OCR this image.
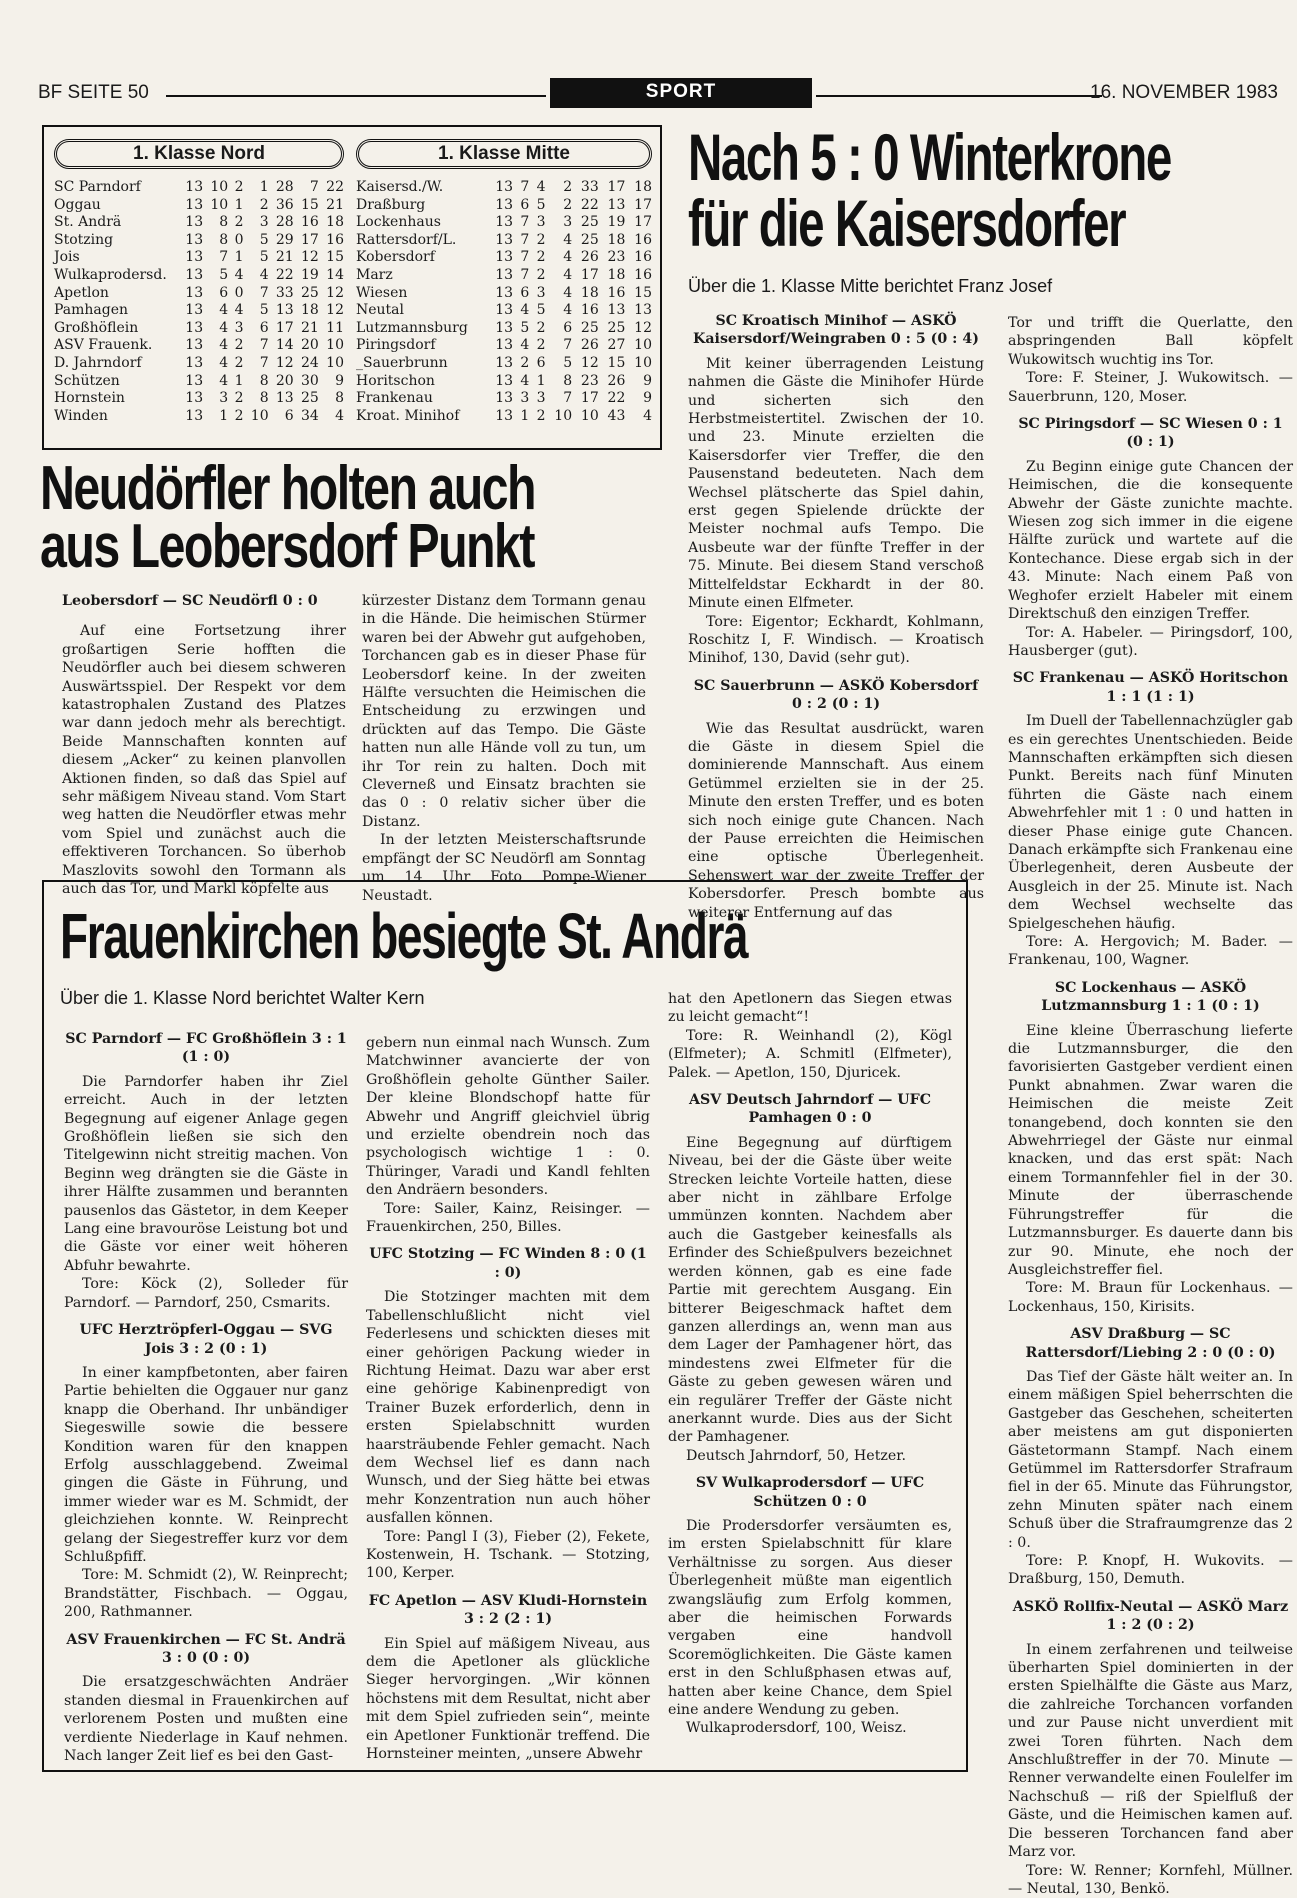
BF SEITE 50	SPORT	16. NOVEMBER 1983
1. Klasse Nord
SC Parndorf	13	10	2	1	28	7	22
Oggau	13	10	1	2	36	15	21
St. Andrä	13	8	2	3	28	16	18
Stotzing	13	8	0	5	29	17	16
Jois	13	7	1	5	21	12	15
Wulkaprodersd.	13	5	4	4	22	19	14
Apetlon	13	6	0	7	33	25	12
Pamhagen	13	4	4	5	13	18	12
Großhöflein	13	4	3	6	17	21	11
ASV Frauenk.	13	4	2	7	14	20	10
D. Jahrndorf	13	4	2	7	12	24	10
Schützen	13	4	1	8	20	30	9
Hornstein	13	3	2	8	13	25	8
Winden	13	1	2	10	6	34	4
1. Klasse Mitte
Kaisersd./W.	13	7	4	2	33	17	18
Draßburg	13	6	5	2	22	13	17
Lockenhaus	13	7	3	3	25	19	17
Rattersdorf/L.	13	7	2	4	25	18	16
Kobersdorf	13	7	2	4	26	23	16
Marz	13	7	2	4	17	18	16
Wiesen	13	6	3	4	18	16	15
Neutal	13	4	5	4	16	13	13
Lutzmannsburg	13	5	2	6	25	25	12
Piringsdorf	13	4	2	7	26	27	10
_Sauerbrunn	13	2	6	5	12	15	10
Horitschon	13	4	1	8	23	26	9
Frankenau	13	3	3	7	17	22	9
Kroat. Minihof	13	1	2	10	10	43	4
Neudörfler holten auch
aus Leobersdorf Punkt

Leobersdorf — SC Neudörfl 0 : 0

Auf eine Fortsetzung ihrer großartigen Serie hofften die Neudörfler auch bei diesem schweren Auswärtsspiel. Der Respekt vor dem katastrophalen Zustand des Platzes war dann jedoch mehr als berechtigt. Beide Mannschaften konnten auf diesem „Acker“ zu keinen planvollen Aktionen finden, so daß das Spiel auf sehr mäßigem Niveau stand. Vom Start weg hatten die Neudörfler etwas mehr vom Spiel und zunächst auch die effektiveren Torchancen. So überhob Maszlovits sowohl den Tormann als auch das Tor, und Markl köpfelte aus

kürzester Distanz dem Tormann genau in die Hände. Die heimischen Stürmer waren bei der Abwehr gut aufgehoben, Torchancen gab es in dieser Phase für Leobersdorf keine. In der zweiten Hälfte versuchten die Heimischen die Entscheidung zu erzwingen und drückten auf das Tempo. Die Gäste hatten nun alle Hände voll zu tun, um ihr Tor rein zu halten. Doch mit Cleverneß und Einsatz brachten sie das 0 : 0 relativ sicher über die Distanz.

In der letzten Meisterschaftsrunde empfängt der SC Neudörfl am Sonntag um 14 Uhr Foto Pompe-Wiener Neustadt.

Nach 5 : 0 Winterkrone
für die Kaisersdorfer
Über die 1. Klasse Mitte berichtet Franz Josef

SC Kroatisch Minihof — ASKÖ Kaisersdorf/Weingraben 0 : 5 (0 : 4)

Mit keiner überragenden Leistung nahmen die Gäste die Minihofer Hürde und sicherten sich den Herbstmeistertitel. Zwischen der 10. und 23. Minute erzielten die Kaisersdorfer vier Treffer, die den Pausenstand bedeuteten. Nach dem Wechsel plätscherte das Spiel dahin, erst gegen Spielende drückte der Meister nochmal aufs Tempo. Die Ausbeute war der fünfte Treffer in der 75. Minute. Bei diesem Stand verschoß Mittelfeldstar Eckhardt in der 80. Minute einen Elfmeter.

Tore: Eigentor; Eckhardt, Kohlmann, Roschitz I, F. Windisch. — Kroatisch Minihof, 130, David (sehr gut).

SC Sauerbrunn — ASKÖ Kobersdorf 0 : 2 (0 : 1)

Wie das Resultat ausdrückt, waren die Gäste in diesem Spiel die dominierende Mannschaft. Aus einem Getümmel erzielten sie in der 25. Minute den ersten Treffer, und es boten sich noch einige gute Chancen. Nach der Pause erreichten die Heimischen eine optische Überlegenheit. Sehenswert war der zweite Treffer der Kobersdorfer. Presch bombte aus weiterer Entfernung auf das

Tor und trifft die Querlatte, den abspringenden Ball köpfelt Wukowitsch wuchtig ins Tor.

Tore: F. Steiner, J. Wukowitsch. — Sauerbrunn, 120, Moser.

SC Piringsdorf — SC Wiesen 0 : 1 (0 : 1)

Zu Beginn einige gute Chancen der Heimischen, die die konsequente Abwehr der Gäste zunichte machte. Wiesen zog sich immer in die eigene Hälfte zurück und wartete auf die Kontechance. Diese ergab sich in der 43. Minute: Nach einem Paß von Weghofer erzielt Habeler mit einem Direktschuß den einzigen Treffer.

Tor: A. Habeler. — Piringsdorf, 100, Hausberger (gut).

SC Frankenau — ASKÖ Horitschon 1 : 1 (1 : 1)

Im Duell der Tabellennachzügler gab es ein gerechtes Unentschieden. Beide Mannschaften erkämpften sich diesen Punkt. Bereits nach fünf Minuten führten die Gäste nach einem Abwehrfehler mit 1 : 0 und hatten in dieser Phase einige gute Chancen. Danach erkämpfte sich Frankenau eine Überlegenheit, deren Ausbeute der Ausgleich in der 25. Minute ist. Nach dem Wechsel wechselte das Spielgeschehen häufig.

Tore: A. Hergovich; M. Bader. — Frankenau, 100, Wagner.

SC Lockenhaus — ASKÖ Lutzmannsburg 1 : 1 (0 : 1)

Eine kleine Überraschung lieferte die Lutzmannsburger, die den favorisierten Gastgeber verdient einen Punkt abnahmen. Zwar waren die Heimischen die meiste Zeit tonangebend, doch konnten sie den Abwehrriegel der Gäste nur einmal knacken, und das erst spät: Nach einem Tormannfehler fiel in der 30. Minute der überraschende Führungstreffer für die Lutzmannsburger. Es dauerte dann bis zur 90. Minute, ehe noch der Ausgleichstreffer fiel.

Tore: M. Braun für Lockenhaus. — Lockenhaus, 150, Kirisits.

ASV Draßburg — SC Rattersdorf/Liebing 2 : 0 (0 : 0)

Das Tief der Gäste hält weiter an. In einem mäßigen Spiel beherrschten die Gastgeber das Geschehen, scheiterten aber meistens am gut disponierten Gästetormann Stampf. Nach einem Getümmel im Rattersdorfer Strafraum fiel in der 65. Minute das Führungstor, zehn Minuten später nach einem Schuß über die Strafraumgrenze das 2 : 0.

Tore: P. Knopf, H. Wukovits. — Draßburg, 150, Demuth.

ASKÖ Rollfix-Neutal — ASKÖ Marz 1 : 2 (0 : 2)

In einem zerfahrenen und teilweise überharten Spiel dominierten in der ersten Spielhälfte die Gäste aus Marz, die zahlreiche Torchancen vorfanden und zur Pause nicht unverdient mit zwei Toren führten. Nach dem Anschlußtreffer in der 70. Minute — Renner verwandelte einen Foulelfer im Nachschuß — riß der Spielfluß der Gäste, und die Heimischen kamen auf. Die besseren Torchancen fand aber Marz vor.

Tore: W. Renner; Kornfehl, Müllner. — Neutal, 130, Benkö.

Frauenkirchen besiegte St. Andrä
Über die 1. Klasse Nord berichtet Walter Kern

SC Parndorf — FC Großhöflein 3 : 1 (1 : 0)

Die Parndorfer haben ihr Ziel erreicht. Auch in der letzten Begegnung auf eigener Anlage gegen Großhöflein ließen sie sich den Titelgewinn nicht streitig machen. Von Beginn weg drängten sie die Gäste in ihrer Hälfte zusammen und berannten pausenlos das Gästetor, in dem Keeper Lang eine bravouröse Leistung bot und die Gäste vor einer weit höheren Abfuhr bewahrte.

Tore: Köck (2), Solleder für Parndorf. — Parndorf, 250, Csmarits.

UFC Herztröpferl-Oggau — SVG Jois 3 : 2 (0 : 1)

In einer kampfbetonten, aber fairen Partie behielten die Oggauer nur ganz knapp die Oberhand. Ihr unbändiger Siegeswille sowie die bessere Kondition waren für den knappen Erfolg ausschlaggebend. Zweimal gingen die Gäste in Führung, und immer wieder war es M. Schmidt, der gleichziehen konnte. W. Reinprecht gelang der Siegestreffer kurz vor dem Schlußpfiff.

Tore: M. Schmidt (2), W. Reinprecht; Brandstätter, Fischbach. — Oggau, 200, Rathmanner.

ASV Frauenkirchen — FC St. Andrä 3 : 0 (0 : 0)

Die ersatzgeschwächten Andräer standen diesmal in Frauenkirchen auf verlorenem Posten und mußten eine verdiente Niederlage in Kauf nehmen. Nach langer Zeit lief es bei den Gast-

gebern nun einmal nach Wunsch. Zum Matchwinner avancierte der von Großhöflein geholte Günther Sailer. Der kleine Blondschopf hatte für Abwehr und Angriff gleichviel übrig und erzielte obendrein noch das psychologisch wichtige 1 : 0. Thüringer, Varadi und Kandl fehlten den Andräern besonders.

Tore: Sailer, Kainz, Reisinger. — Frauenkirchen, 250, Billes.

UFC Stotzing — FC Winden 8 : 0 (1 : 0)

Die Stotzinger machten mit dem Tabellenschlußlicht nicht viel Federlesens und schickten dieses mit einer gehörigen Packung wieder in Richtung Heimat. Dazu war aber erst eine gehörige Kabinenpredigt von Trainer Buzek erforderlich, denn in ersten Spielabschnitt wurden haarsträubende Fehler gemacht. Nach dem Wechsel lief es dann nach Wunsch, und der Sieg hätte bei etwas mehr Konzentration nun auch höher ausfallen können.

Tore: Pangl I (3), Fieber (2), Fekete, Kostenwein, H. Tschank. — Stotzing, 100, Kerper.

FC Apetlon — ASV Kludi-Hornstein 3 : 2 (2 : 1)

Ein Spiel auf mäßigem Niveau, aus dem die Apetloner als glückliche Sieger hervorgingen. „Wir können höchstens mit dem Resultat, nicht aber mit dem Spiel zufrieden sein“, meinte ein Apetloner Funktionär treffend. Die Hornsteiner meinten, „unsere Abwehr

hat den Apetlonern das Siegen etwas zu leicht gemacht“!

Tore: R. Weinhandl (2), Kögl (Elfmeter); A. Schmitl (Elfmeter), Palek. — Apetlon, 150, Djuricek.

ASV Deutsch Jahrndorf — UFC Pamhagen 0 : 0

Eine Begegnung auf dürftigem Niveau, bei der die Gäste über weite Strecken leichte Vorteile hatten, diese aber nicht in zählbare Erfolge ummünzen konnten. Nachdem aber auch die Gastgeber keinesfalls als Erfinder des Schießpulvers bezeichnet werden können, gab es eine fade Partie mit gerechtem Ausgang. Ein bitterer Beigeschmack haftet dem ganzen allerdings an, wenn man aus dem Lager der Pamhagener hört, das mindestens zwei Elfmeter für die Gäste zu geben gewesen wären und ein regulärer Treffer der Gäste nicht anerkannt wurde. Dies aus der Sicht der Pamhagener.

Deutsch Jahrndorf, 50, Hetzer.

SV Wulkaprodersdorf — UFC Schützen 0 : 0

Die Prodersdorfer versäumten es, im ersten Spielabschnitt für klare Verhältnisse zu sorgen. Aus dieser Überlegenheit müßte man eigentlich zwangsläufig zum Erfolg kommen, aber die heimischen Forwards vergaben eine handvoll Scoremöglichkeiten. Die Gäste kamen erst in den Schlußphasen etwas auf, hatten aber keine Chance, dem Spiel eine andere Wendung zu geben.

Wulkaprodersdorf, 100, Weisz.
